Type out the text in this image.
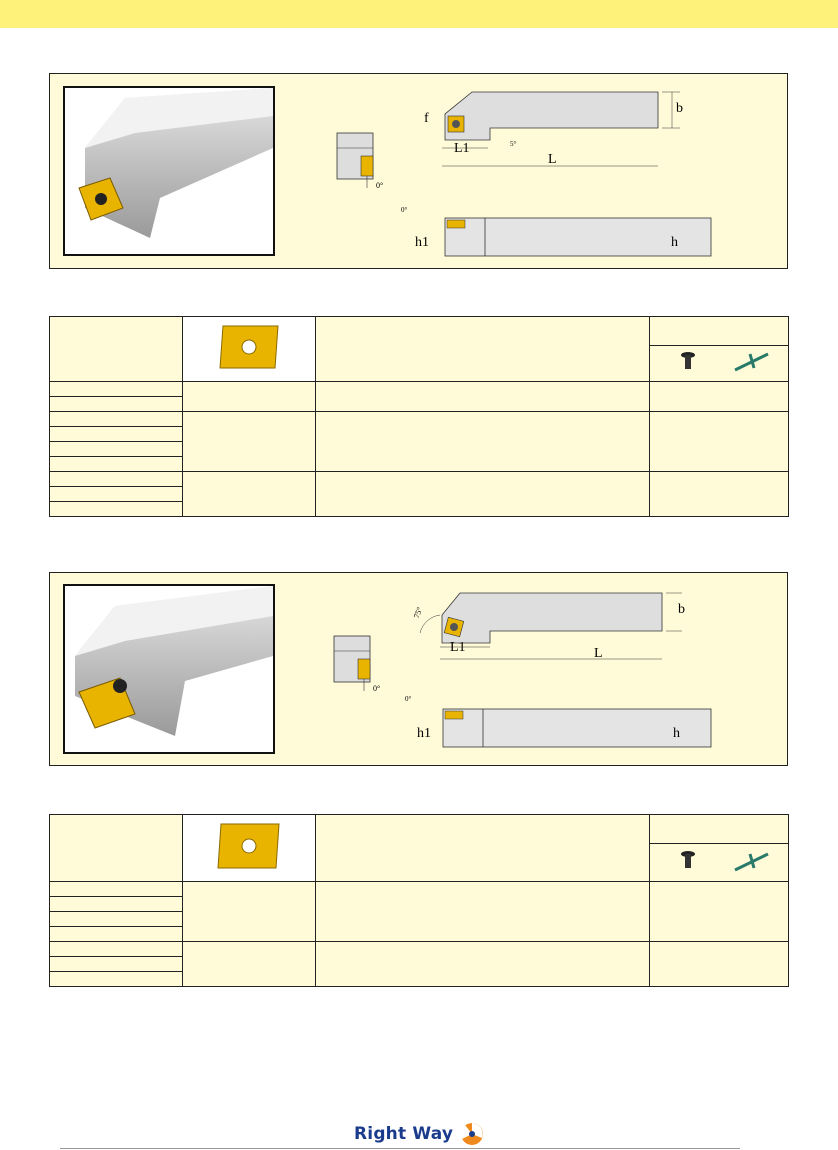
0°
f
b
L1	5°
L
0°
h1	h

0°
75°	b
L1	L
0°
h1	h

Right Way
